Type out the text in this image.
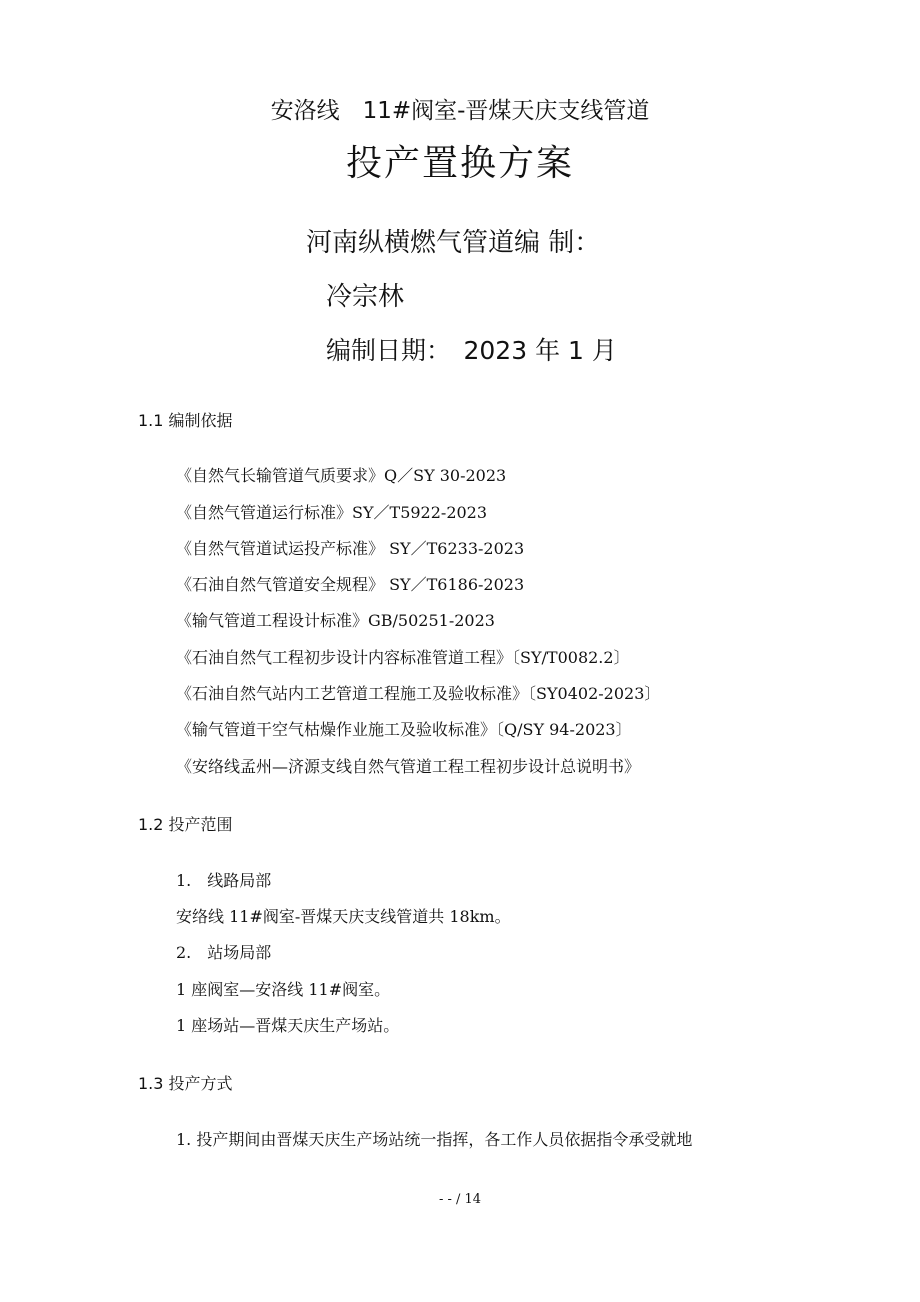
安洛线　11#阀室-晋煤天庆支线管道
投产置换方案
河南纵横燃气管道编 制：
冷宗林
编制日期：　2023 年 1 月
1.1 编制依据
《自然气长输管道气质要求》Q／SY 30-2023
《自然气管道运行标准》SY／T5922-2023
《自然气管道试运投产标准》 SY／T6233-2023
《石油自然气管道安全规程》 SY／T6186-2023
《输气管道工程设计标准》GB/50251-2023
《石油自然气工程初步设计内容标准管道工程》〔SY/T0082.2〕
《石油自然气站内工艺管道工程施工及验收标准》〔SY0402-2023〕
《输气管道干空气枯燥作业施工及验收标准》〔Q/SY 94-2023〕
《安络线孟州—济源支线自然气管道工程工程初步设计总说明书》
1.2 投产范围
1.　线路局部
安络线 11#阀室-晋煤天庆支线管道共 18km。
2.　站场局部
1 座阀室—安洛线 11#阀室。
1 座场站—晋煤天庆生产场站。
1.3 投产方式
1. 投产期间由晋煤天庆生产场站统一指挥，各工作人员依据指令承受就地
- - / 14
